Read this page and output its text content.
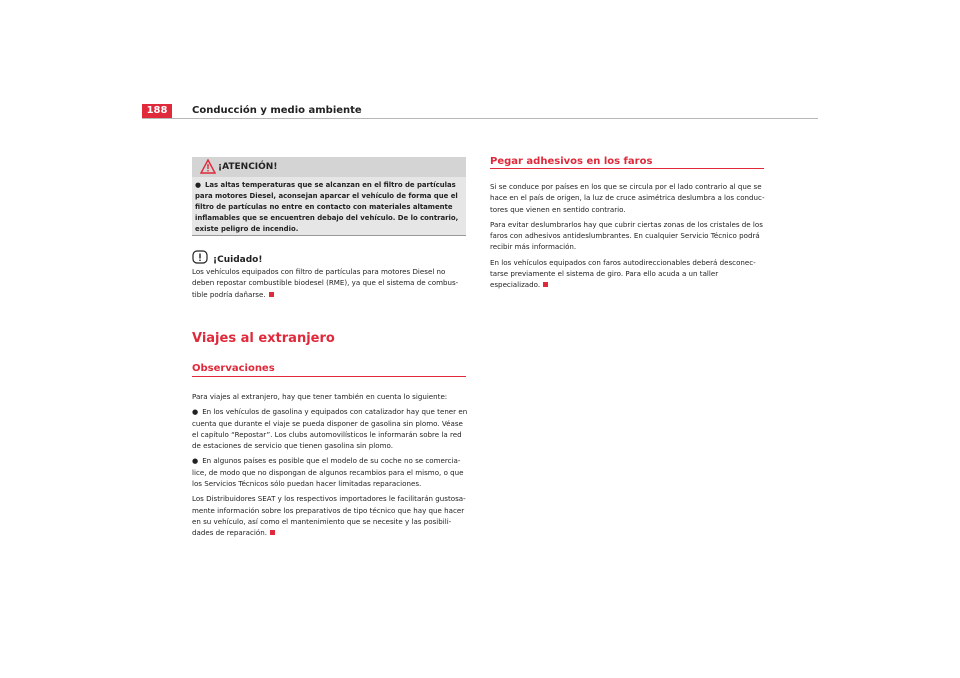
188	Conducción y medio ambiente
¡ATENCIÓN!
● Las altas temperaturas que se alcanzan en el filtro de partículas para motores Diesel, aconsejan aparcar el vehículo de forma que el filtro de partículas no entre en contacto con materiales altamente inflamables que se encuentren debajo del vehículo. De lo contrario, existe peligro de incendio.
¡Cuidado!
Los vehículos equipados con filtro de partículas para motores Diesel no deben repostar combustible biodesel (RME), ya que el sistema de combus-tible podría dañarse.
Viajes al extranjero
Observaciones

Para viajes al extranjero, hay que tener también en cuenta lo siguiente:

● En los vehículos de gasolina y equipados con catalizador hay que tener en cuenta que durante el viaje se pueda disponer de gasolina sin plomo. Véase el capítulo “Repostar”. Los clubs automovilísticos le informarán sobre la red de estaciones de servicio que tienen gasolina sin plomo.

● En algunos países es posible que el modelo de su coche no se comercia-lice, de modo que no dispongan de algunos recambios para el mismo, o que los Servicios Técnicos sólo puedan hacer limitadas reparaciones.

Los Distribuidores SEAT y los respectivos importadores le facilitarán gustosa-mente información sobre los preparativos de tipo técnico que hay que hacer en su vehículo, así como el mantenimiento que se necesite y las posibili-dades de reparación.

Pegar adhesivos en los faros

Si se conduce por países en los que se circula por el lado contrario al que se hace en el país de origen, la luz de cruce asimétrica deslumbra a los conduc-tores que vienen en sentido contrario.

Para evitar deslumbrarlos hay que cubrir ciertas zonas de los cristales de los faros con adhesivos antideslumbrantes. En cualquier Servicio Técnico podrá recibir más información.

En los vehículos equipados con faros autodireccionables deberá desconec-tarse previamente el sistema de giro. Para ello acuda a un taller especializado.
